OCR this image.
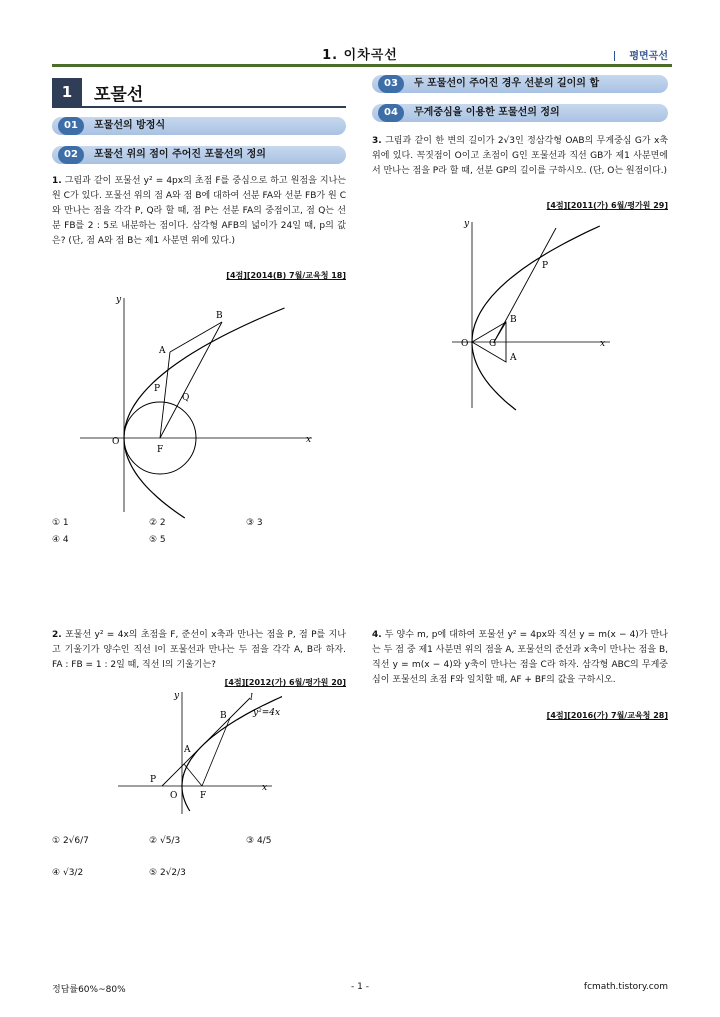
1. 이차곡선	평면곡선
1	포물선
01	포물선의 방정식
02	포물선 위의 점이 주어진 포물선의 정의
03	두 포물선이 주어진 경우 선분의 길이의 합
04	무게중심을 이용한 포물선의 정의
1. 그림과 같이 포물선 y² = 4px의 초점 F를 중심으로 하고 원점을 지나는 원 C가 있다. 포물선 위의 점 A와 점 B에 대하여 선분 FA와 선분 FB가 원 C와 만나는 점을 각각 P, Q라 할 때, 점 P는 선분 FA의 중점이고, 점 Q는 선분 FB를 2 : 5로 내분하는 점이다. 삼각형 AFB의 넓이가 24일 때, p의 값은? (단, 점 A와 점 B는 제1 사분면 위에 있다.)
[4점][2014(B) 7월/교육청 18]
y
x
O
F
A
B
P
Q
① 1	② 2	③ 3
④ 4	⑤ 5
3. 그림과 같이 한 변의 길이가 2√3인 정삼각형 OAB의 무게중심 G가 x축 위에 있다. 꼭짓점이 O이고 초점이 G인 포물선과 직선 GB가 제1 사분면에서 만나는 점을 P라 할 때, 선분 GP의 길이를 구하시오. (단, O는 원점이다.)
[4점][2011(가) 6월/평가원 29]
y
x
O G
A
B
P
2. 포물선 y² = 4x의 초점을 F, 준선이 x축과 만나는 점을 P, 점 P를 지나고 기울기가 양수인 직선 l이 포물선과 만나는 두 점을 각각 A, B라 하자. FA : FB = 1 : 2일 때, 직선 l의 기울기는?
[4점][2012(가) 6월/평가원 20]
y
x
O	F
P
A
B
l
y²=4x
① 2√6/7	② √5/3	③ 4/5
④ √3/2	⑤ 2√2/3
4. 두 양수 m, p에 대하여 포물선 y² = 4px와 직선 y = m(x − 4)가 만나는 두 점 중 제1 사분면 위의 점을 A, 포물선의 준선과 x축이 만나는 점을 B, 직선 y = m(x − 4)와 y축이 만나는 점을 C라 하자. 삼각형 ABC의 무게중심이 포물선의 초점 F와 일치할 때, AF + BF의 값을 구하시오.
[4점][2016(가) 7월/교육청 28]
정답률60%~80%	- 1 -	fcmath.tistory.com
